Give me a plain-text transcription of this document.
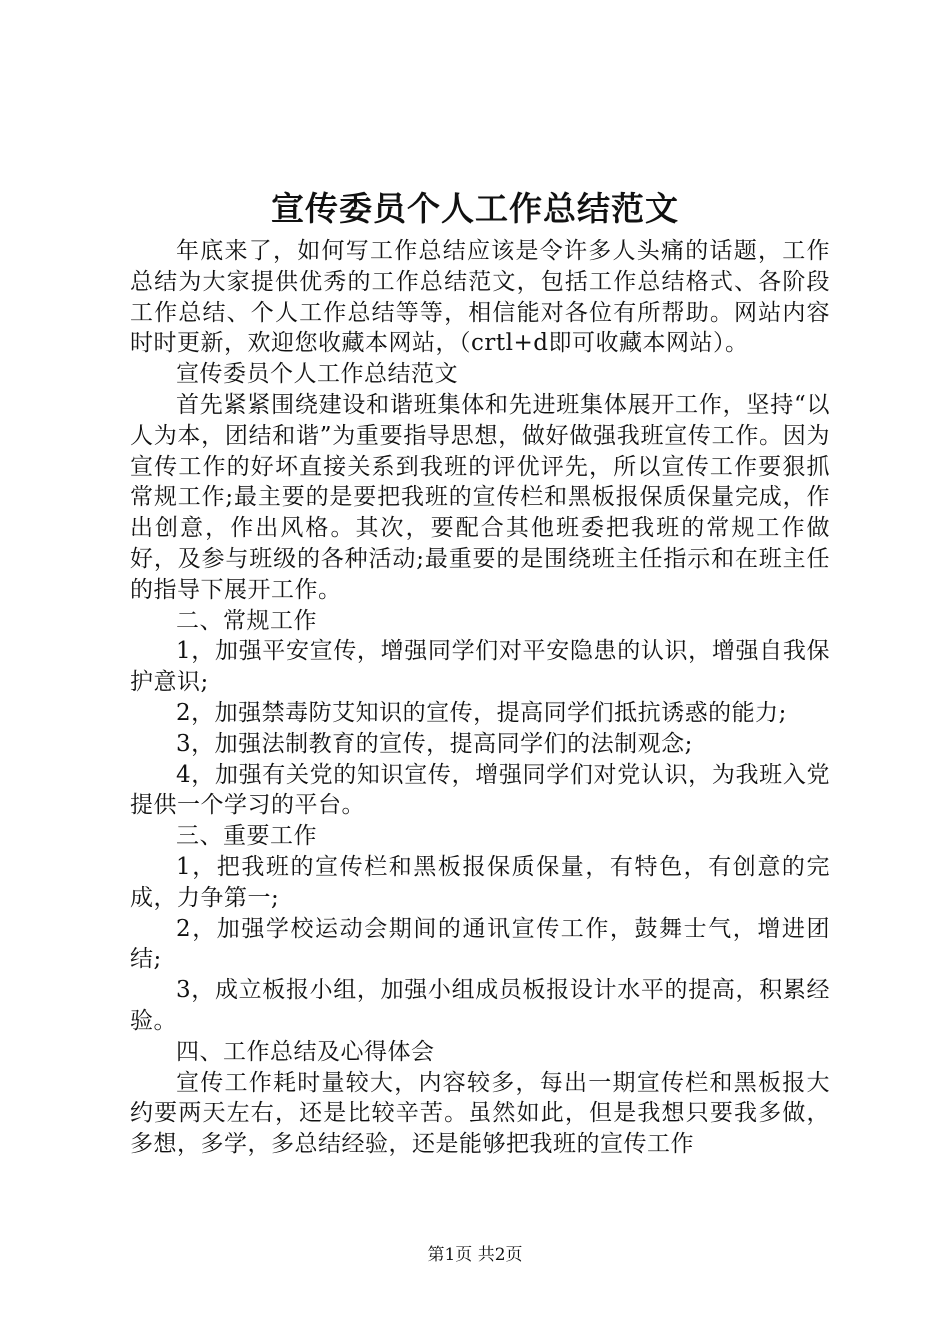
宣传委员个人工作总结范文

年底来了，如何写工作总结应该是令许多人头痛的话题，工作总结为大家提供优秀的工作总结范文，包括工作总结格式、各阶段工作总结、个人工作总结等等，相信能对各位有所帮助。网站内容时时更新，欢迎您收藏本网站，（crtl+d即可收藏本网站）。

宣传委员个人工作总结范文

首先紧紧围绕建设和谐班集体和先进班集体展开工作，坚持“以人为本，团结和谐”为重要指导思想，做好做强我班宣传工作。因为宣传工作的好坏直接关系到我班的评优评先，所以宣传工作要狠抓常规工作;最主要的是要把我班的宣传栏和黑板报保质保量完成，作出创意，作出风格。其次，要配合其他班委把我班的常规工作做好，及参与班级的各种活动;最重要的是围绕班主任指示和在班主任的指导下展开工作。

二、常规工作

1，加强平安宣传，增强同学们对平安隐患的认识，增强自我保护意识;

2，加强禁毒防艾知识的宣传，提高同学们抵抗诱惑的能力;

3，加强法制教育的宣传，提高同学们的法制观念;

4，加强有关党的知识宣传，增强同学们对党认识，为我班入党提供一个学习的平台。

三、重要工作

1，把我班的宣传栏和黑板报保质保量，有特色，有创意的完成，力争第一;

2，加强学校运动会期间的通讯宣传工作，鼓舞士气，增进团结;

3，成立板报小组，加强小组成员板报设计水平的提高，积累经验。

四、工作总结及心得体会

宣传工作耗时量较大，内容较多，每出一期宣传栏和黑板报大约要两天左右，还是比较辛苦。虽然如此，但是我想只要我多做，多想，多学，多总结经验，还是能够把我班的宣传工作

第1页 共2页
